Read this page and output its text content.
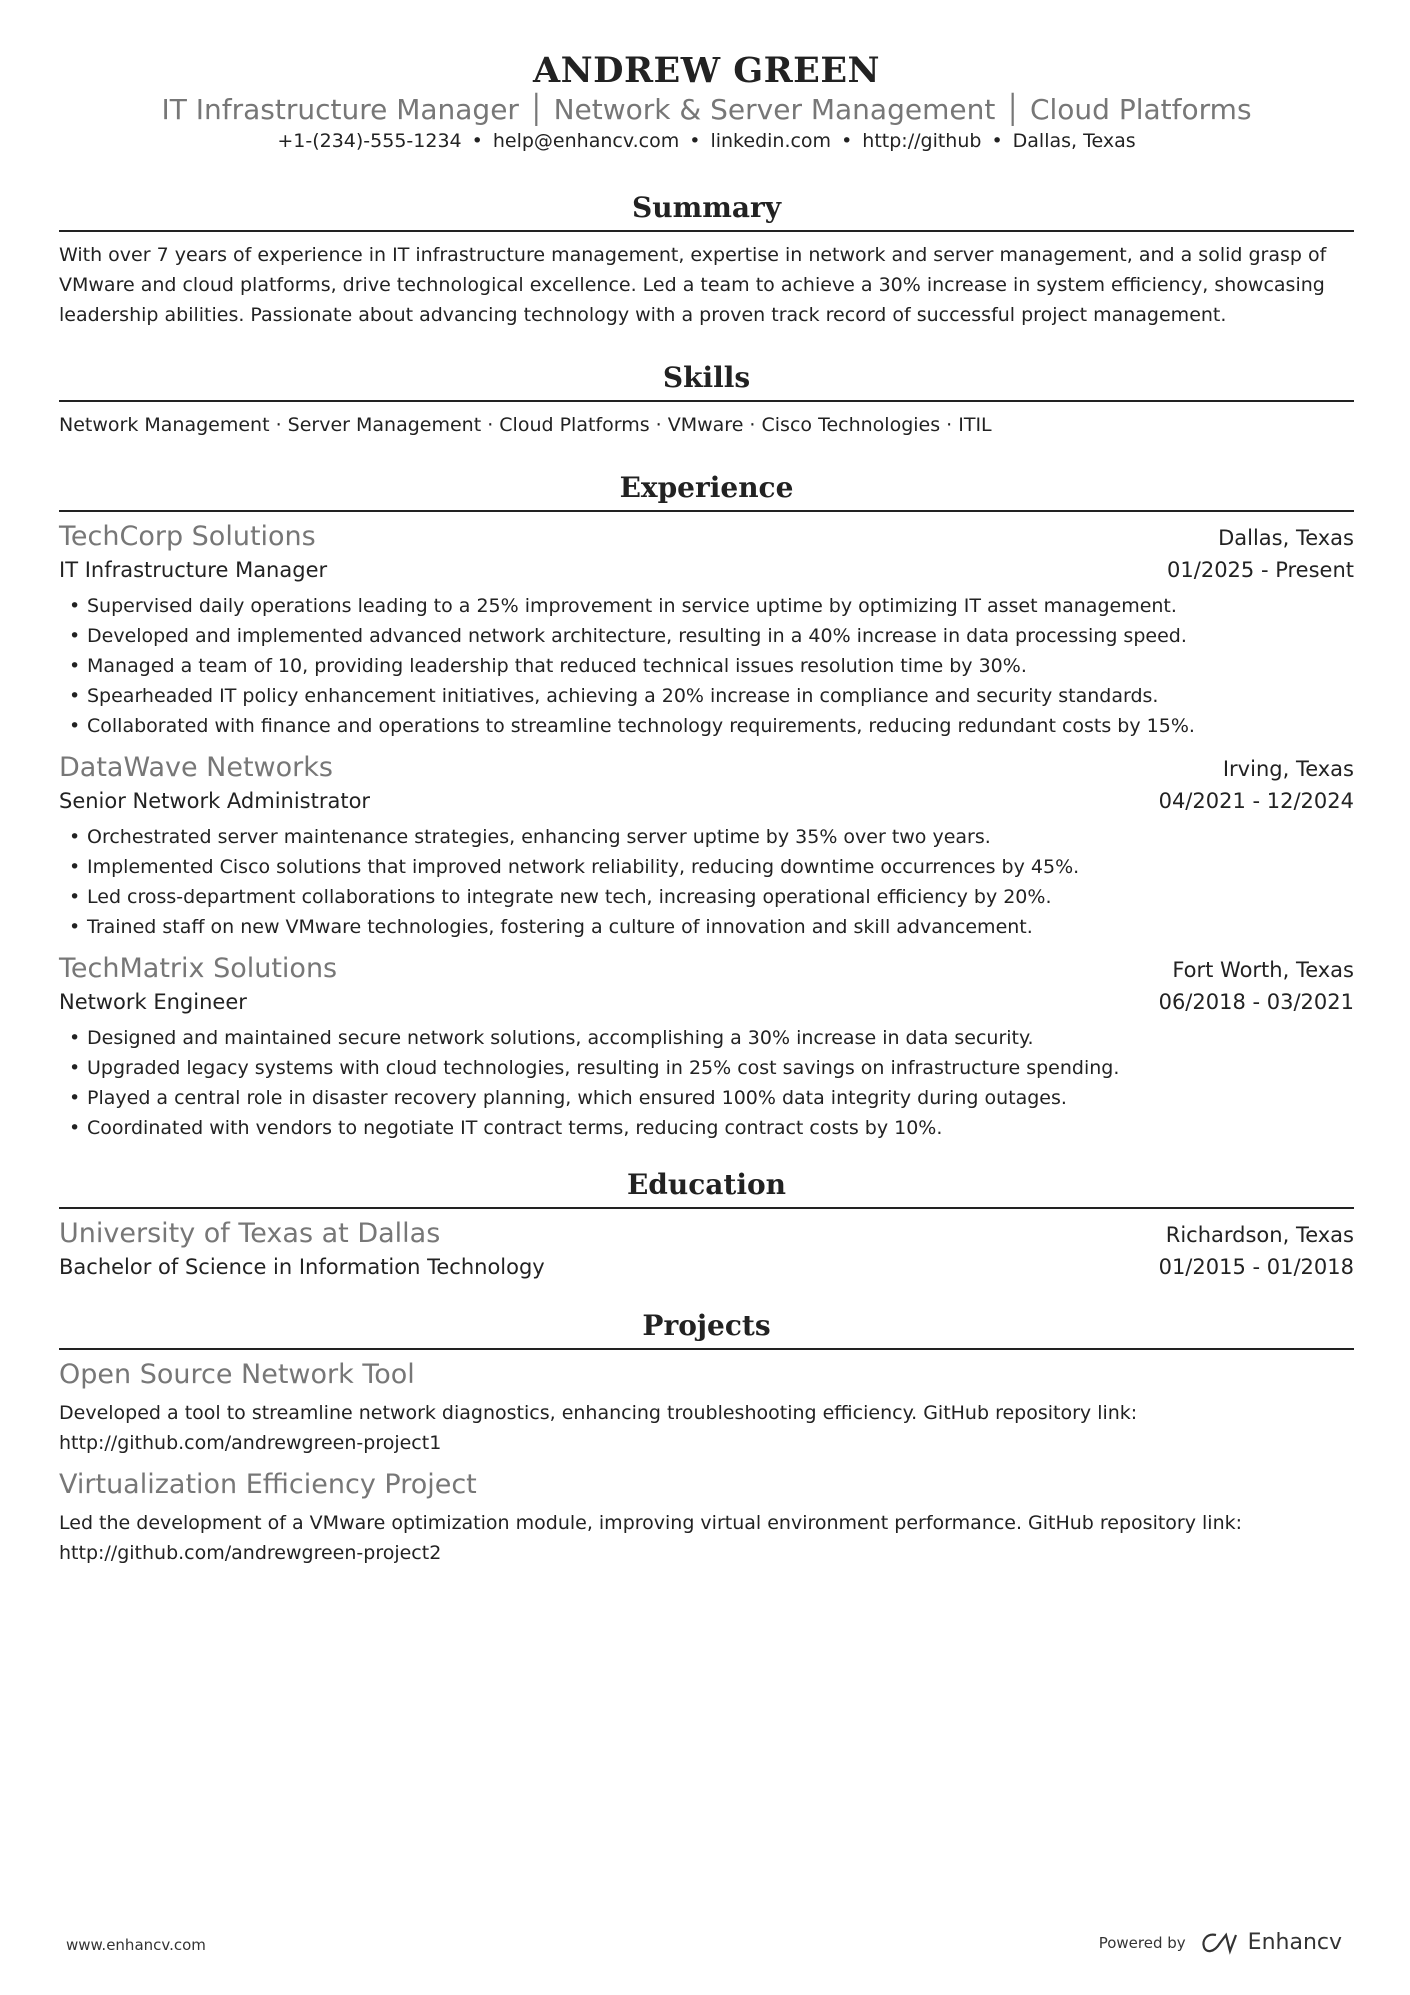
ANDREW GREEN
IT Infrastructure Manager │ Network & Server Management │ Cloud Platforms
+1-(234)-555-1234 • help@enhancv.com • linkedin.com • http://github • Dallas, Texas
Summary
With over 7 years of experience in IT infrastructure management, expertise in network and server management, and a solid grasp of VMware and cloud platforms, drive technological excellence. Led a team to achieve a 30% increase in system efficiency, showcasing leadership abilities. Passionate about advancing technology with a proven track record of successful project management.
Skills
Network Management · Server Management · Cloud Platforms · VMware · Cisco Technologies · ITIL
Experience
TechCorp Solutions	Dallas, Texas
IT Infrastructure Manager	01/2025 - Present
• Supervised daily operations leading to a 25% improvement in service uptime by optimizing IT asset management.
• Developed and implemented advanced network architecture, resulting in a 40% increase in data processing speed.
• Managed a team of 10, providing leadership that reduced technical issues resolution time by 30%.
• Spearheaded IT policy enhancement initiatives, achieving a 20% increase in compliance and security standards.
• Collaborated with finance and operations to streamline technology requirements, reducing redundant costs by 15%.
DataWave Networks	Irving, Texas
Senior Network Administrator	04/2021 - 12/2024
• Orchestrated server maintenance strategies, enhancing server uptime by 35% over two years.
• Implemented Cisco solutions that improved network reliability, reducing downtime occurrences by 45%.
• Led cross-department collaborations to integrate new tech, increasing operational efficiency by 20%.
• Trained staff on new VMware technologies, fostering a culture of innovation and skill advancement.
TechMatrix Solutions	Fort Worth, Texas
Network Engineer	06/2018 - 03/2021
• Designed and maintained secure network solutions, accomplishing a 30% increase in data security.
• Upgraded legacy systems with cloud technologies, resulting in 25% cost savings on infrastructure spending.
• Played a central role in disaster recovery planning, which ensured 100% data integrity during outages.
• Coordinated with vendors to negotiate IT contract terms, reducing contract costs by 10%.
Education
University of Texas at Dallas	Richardson, Texas
Bachelor of Science in Information Technology	01/2015 - 01/2018
Projects
Open Source Network Tool
Developed a tool to streamline network diagnostics, enhancing troubleshooting efficiency. GitHub repository link: http://github.com/andrewgreen-project1
Virtualization Efficiency Project
Led the development of a VMware optimization module, improving virtual environment performance. GitHub repository link: http://github.com/andrewgreen-project2
www.enhancv.com	Powered by	Enhancv
